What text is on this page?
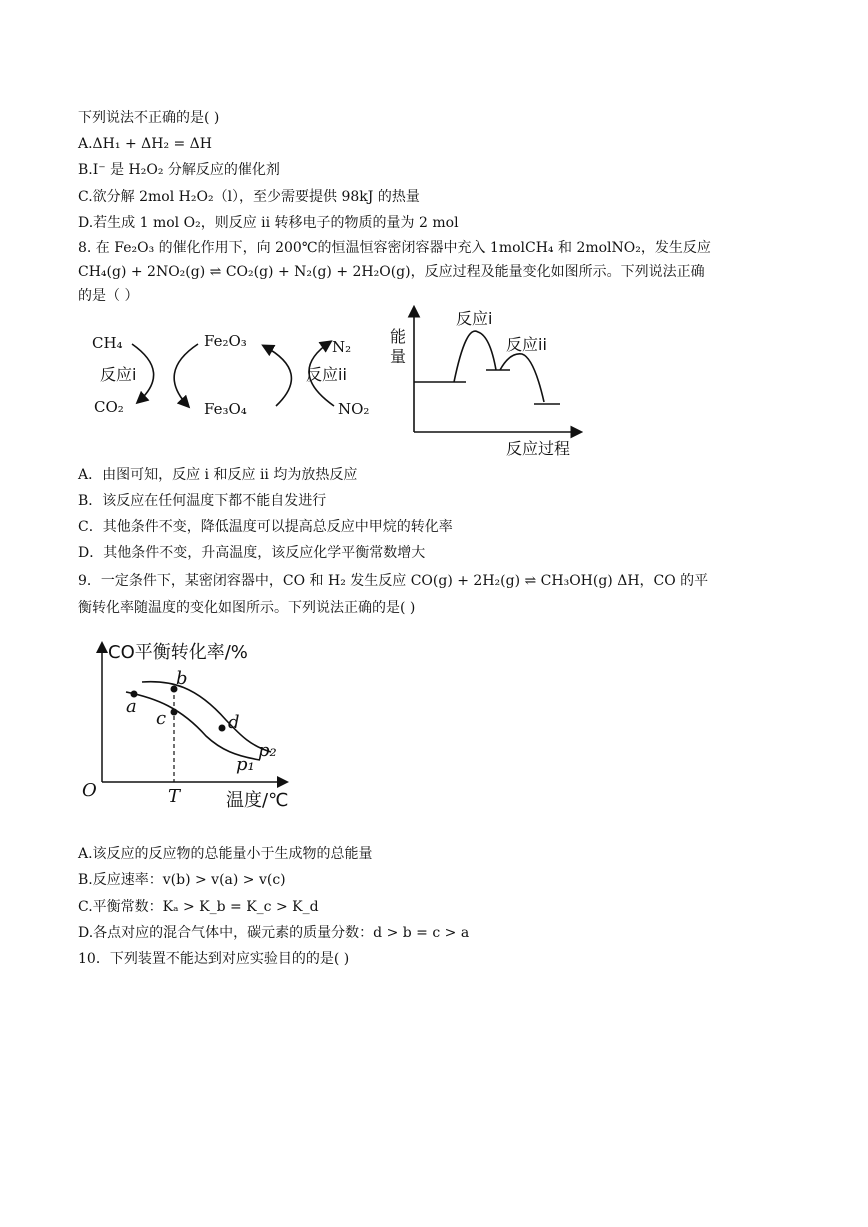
下列说法不正确的是( )
A.ΔH₁ + ΔH₂ = ΔH
B.I⁻ 是 H₂O₂ 分解反应的催化剂
C.欲分解 2mol H₂O₂（l），至少需要提供 98kJ 的热量
D.若生成 1 mol O₂，则反应 ii 转移电子的物质的量为 2 mol
8. 在 Fe₂O₃ 的催化作用下，向 200℃的恒温恒容密闭容器中充入 1molCH₄ 和 2molNO₂，发生反应
CH₄(g) + 2NO₂(g) ⇌ CO₂(g) + N₂(g) + 2H₂O(g)，反应过程及能量变化如图所示。下列说法正确
的是（ ）
CH₄
CO₂
Fe₂O₃
Fe₃O₄
反应i
N₂
NO₂
反应ii
能
量
反应过程
反应i
反应ii
A．由图可知，反应 i 和反应 ii 均为放热反应
B．该反应在任何温度下都不能自发进行
C．其他条件不变，降低温度可以提高总反应中甲烷的转化率
D．其他条件不变，升高温度，该反应化学平衡常数增大
9．一定条件下，某密闭容器中，CO 和 H₂ 发生反应 CO(g) + 2H₂(g) ⇌ CH₃OH(g) ΔH，CO 的平
衡转化率随温度的变化如图所示。下列说法正确的是( )
CO平衡转化率/%
温度/℃
O	T
a
b
c	d
p₂
p₁
A.该反应的反应物的总能量小于生成物的总能量
B.反应速率：v(b) > v(a) > v(c)
C.平衡常数：Kₐ > K_b = K_c > K_d
D.各点对应的混合气体中，碳元素的质量分数：d > b = c > a
10．下列装置不能达到对应实验目的的是( )
